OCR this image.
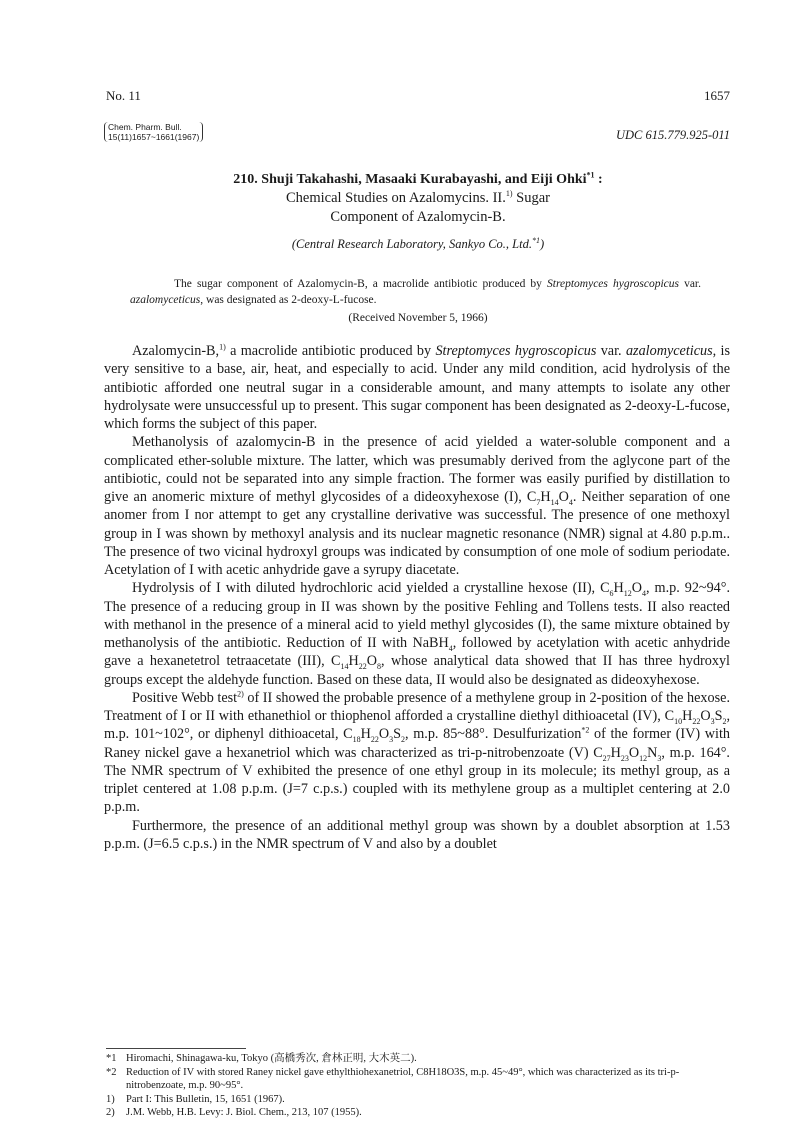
No. 11	1657
Chem. Pharm. Bull.
15(11)1657~1661(1967)	UDC 615.779.925-011
210. Shuji Takahashi, Masaaki Kurabayashi, and Eiji Ohki$^{*1}$ :
Chemical Studies on Azalomycins. II.$^{1)}$ Sugar
Component of Azalomycin-B.
(Central Research Laboratory, Sankyo Co., Ltd.$^{*1}$)
The sugar component of Azalomycin-B, a macrolide antibiotic produced by Streptomyces hygroscopicus var. azalomyceticus, was designated as 2-deoxy-L-fucose.
(Received November 5, 1966)

Azalomycin-B,$^{1)}$ a macrolide antibiotic produced by Streptomyces hygroscopicus var. azalomyceticus, is very sensitive to a base, air, heat, and especially to acid. Under any mild condition, acid hydrolysis of the antibiotic afforded one neutral sugar in a considerable amount, and many attempts to isolate any other hydrolysate were unsuccessful up to present. This sugar component has been designated as 2-deoxy-L-fucose, which forms the subject of this paper.

Methanolysis of azalomycin-B in the presence of acid yielded a water-soluble component and a complicated ether-soluble mixture. The latter, which was presumably derived from the aglycone part of the antibiotic, could not be separated into any simple fraction. The former was easily purified by distillation to give an anomeric mixture of methyl glycosides of a dideoxyhexose (I), $C_7H_{14}O_4$. Neither separation of one anomer from I nor attempt to get any crystalline derivative was successful. The presence of one methoxyl group in I was shown by methoxyl analysis and its nuclear magnetic resonance (NMR) signal at 4.80 p.p.m.. The presence of two vicinal hydroxyl groups was indicated by consumption of one mole of sodium periodate. Acetylation of I with acetic anhydride gave a syrupy diacetate.

Hydrolysis of I with diluted hydrochloric acid yielded a crystalline hexose (II), $C_6H_{12}O_4$, m.p. 92~94°. The presence of a reducing group in II was shown by the positive Fehling and Tollens tests. II also reacted with methanol in the presence of a mineral acid to yield methyl glycosides (I), the same mixture obtained by methanolysis of the antibiotic. Reduction of II with NaBH$_4$, followed by acetylation with acetic anhydride gave a hexanetetrol tetraacetate (III), $C_{14}H_{22}O_8$, whose analytical data showed that II has three hydroxyl groups except the aldehyde function. Based on these data, II would also be designated as dideoxyhexose.

Positive Webb test$^{2)}$ of II showed the probable presence of a methylene group in 2-position of the hexose. Treatment of I or II with ethanethiol or thiophenol afforded a crystalline diethyl dithioacetal (IV), $C_{10}H_{22}O_3S_2$, m.p. 101~102°, or diphenyl dithioacetal, $C_{18}H_{22}O_3S_2$, m.p. 85~88°. Desulfurization$^{*2}$ of the former (IV) with Raney nickel gave a hexanetriol which was characterized as tri-p-nitrobenzoate (V) $C_{27}H_{23}O_{12}N_3$, m.p. 164°. The NMR spectrum of V exhibited the presence of one ethyl group in its molecule; its methyl group, as a triplet centered at 1.08 p.p.m. (J=7 c.p.s.) coupled with its methylene group as a multiplet centering at 2.0 p.p.m.

Furthermore, the presence of an additional methyl group was shown by a doublet absorption at 1.53 p.p.m. (J=6.5 c.p.s.) in the NMR spectrum of V and also by a doublet

*1 Hiromachi, Shinagawa-ku, Tokyo (高橋秀次, 倉林正明, 大木英二).
*2 Reduction of IV with stored Raney nickel gave ethylthiohexanetriol, C8H18O3S, m.p. 45~49°, which was characterized as its tri-p-nitrobenzoate, m.p. 90~95°.
1) Part I: This Bulletin, 15, 1651 (1967).
2) J.M. Webb, H.B. Levy: J. Biol. Chem., 213, 107 (1955).
